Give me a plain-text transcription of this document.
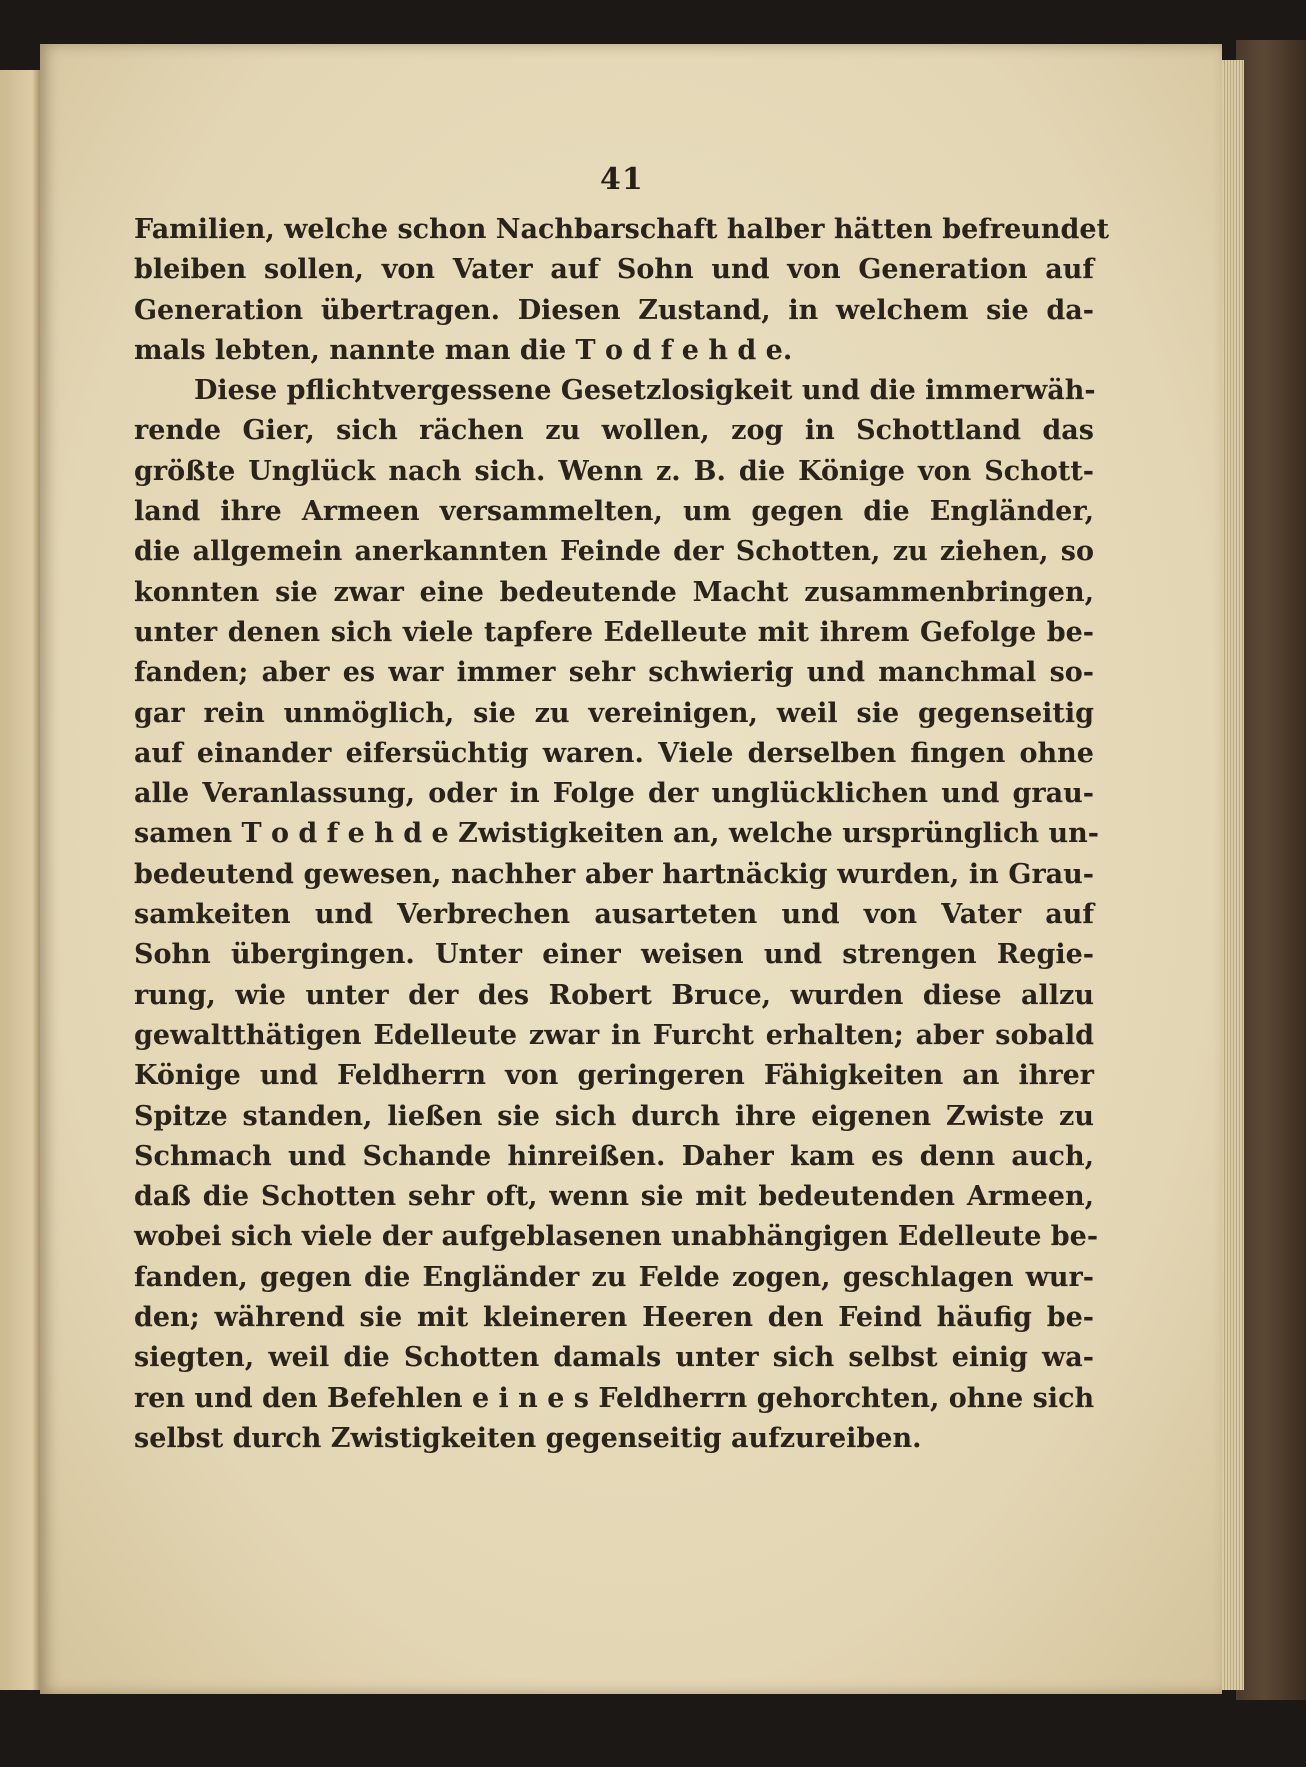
41
Familien, welche schon Nachbarschaft halber hätten befreundet
bleiben sollen, von Vater auf Sohn und von Generation auf
Generation übertragen. Diesen Zustand, in welchem sie da-
mals lebten, nannte man die T o d f e h d e.
Diese pflichtvergessene Gesetzlosigkeit und die immerwäh-
rende Gier, sich rächen zu wollen, zog in Schottland das
größte Unglück nach sich. Wenn z. B. die Könige von Schott-
land ihre Armeen versammelten, um gegen die Engländer,
die allgemein anerkannten Feinde der Schotten, zu ziehen, so
konnten sie zwar eine bedeutende Macht zusammenbringen,
unter denen sich viele tapfere Edelleute mit ihrem Gefolge be-
fanden; aber es war immer sehr schwierig und manchmal so-
gar rein unmöglich, sie zu vereinigen, weil sie gegenseitig
auf einander eifersüchtig waren. Viele derselben fingen ohne
alle Veranlassung, oder in Folge der unglücklichen und grau-
samen T o d f e h d e Zwistigkeiten an, welche ursprünglich un-
bedeutend gewesen, nachher aber hartnäckig wurden, in Grau-
samkeiten und Verbrechen ausarteten und von Vater auf
Sohn übergingen. Unter einer weisen und strengen Regie-
rung, wie unter der des Robert Bruce, wurden diese allzu
gewaltthätigen Edelleute zwar in Furcht erhalten; aber sobald
Könige und Feldherrn von geringeren Fähigkeiten an ihrer
Spitze standen, ließen sie sich durch ihre eigenen Zwiste zu
Schmach und Schande hinreißen. Daher kam es denn auch,
daß die Schotten sehr oft, wenn sie mit bedeutenden Armeen,
wobei sich viele der aufgeblasenen unabhängigen Edelleute be-
fanden, gegen die Engländer zu Felde zogen, geschlagen wur-
den; während sie mit kleineren Heeren den Feind häufig be-
siegten, weil die Schotten damals unter sich selbst einig wa-
ren und den Befehlen e i n e s Feldherrn gehorchten, ohne sich
selbst durch Zwistigkeiten gegenseitig aufzureiben.
